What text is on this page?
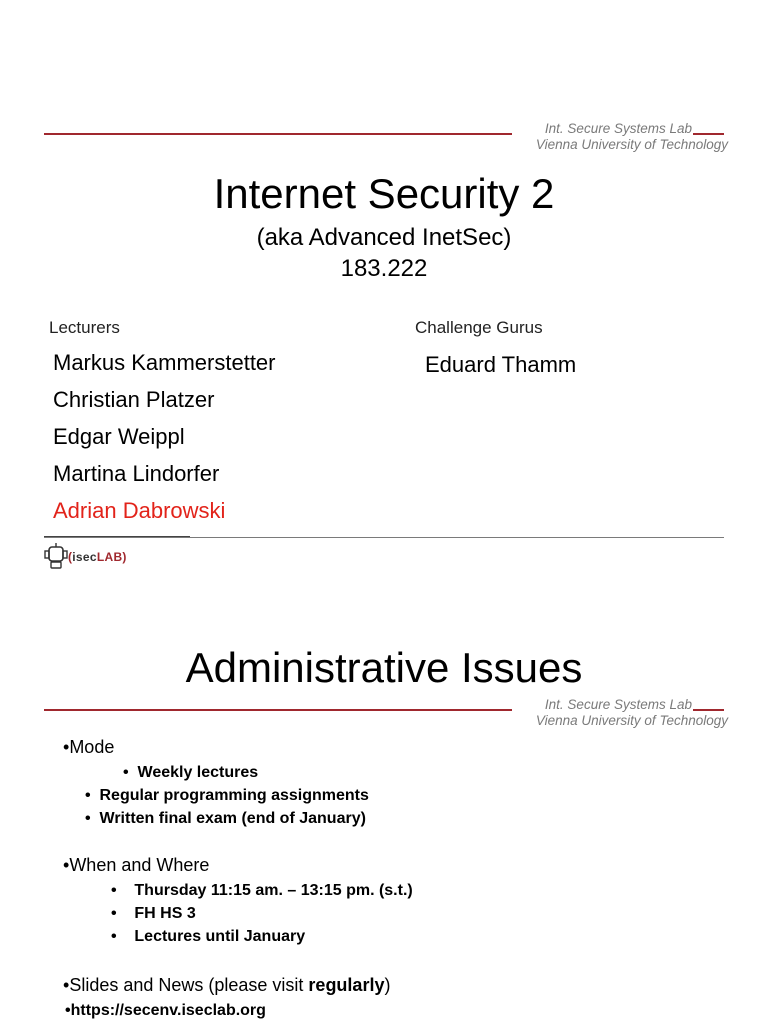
Int. Secure Systems Lab
Vienna University of Technology
Internet Security 2
(aka Advanced InetSec)
183.222
Lecturers
Markus Kammerstetter
Christian Platzer
Edgar Weippl
Martina Lindorfer
Adrian Dabrowski
Challenge Gurus
Eduard Thamm
(isecLAB)
Administrative Issues
Int. Secure Systems Lab
Vienna University of Technology
•Mode
•  Weekly lectures
•  Regular programming assignments
•  Written final exam (end of January)
•When and Where
•    Thursday 11:15 am. – 13:15 pm. (s.t.)
•    FH HS 3
•    Lectures until January
•Slides and News (please visit regularly)
•https://secenv.iseclab.org
